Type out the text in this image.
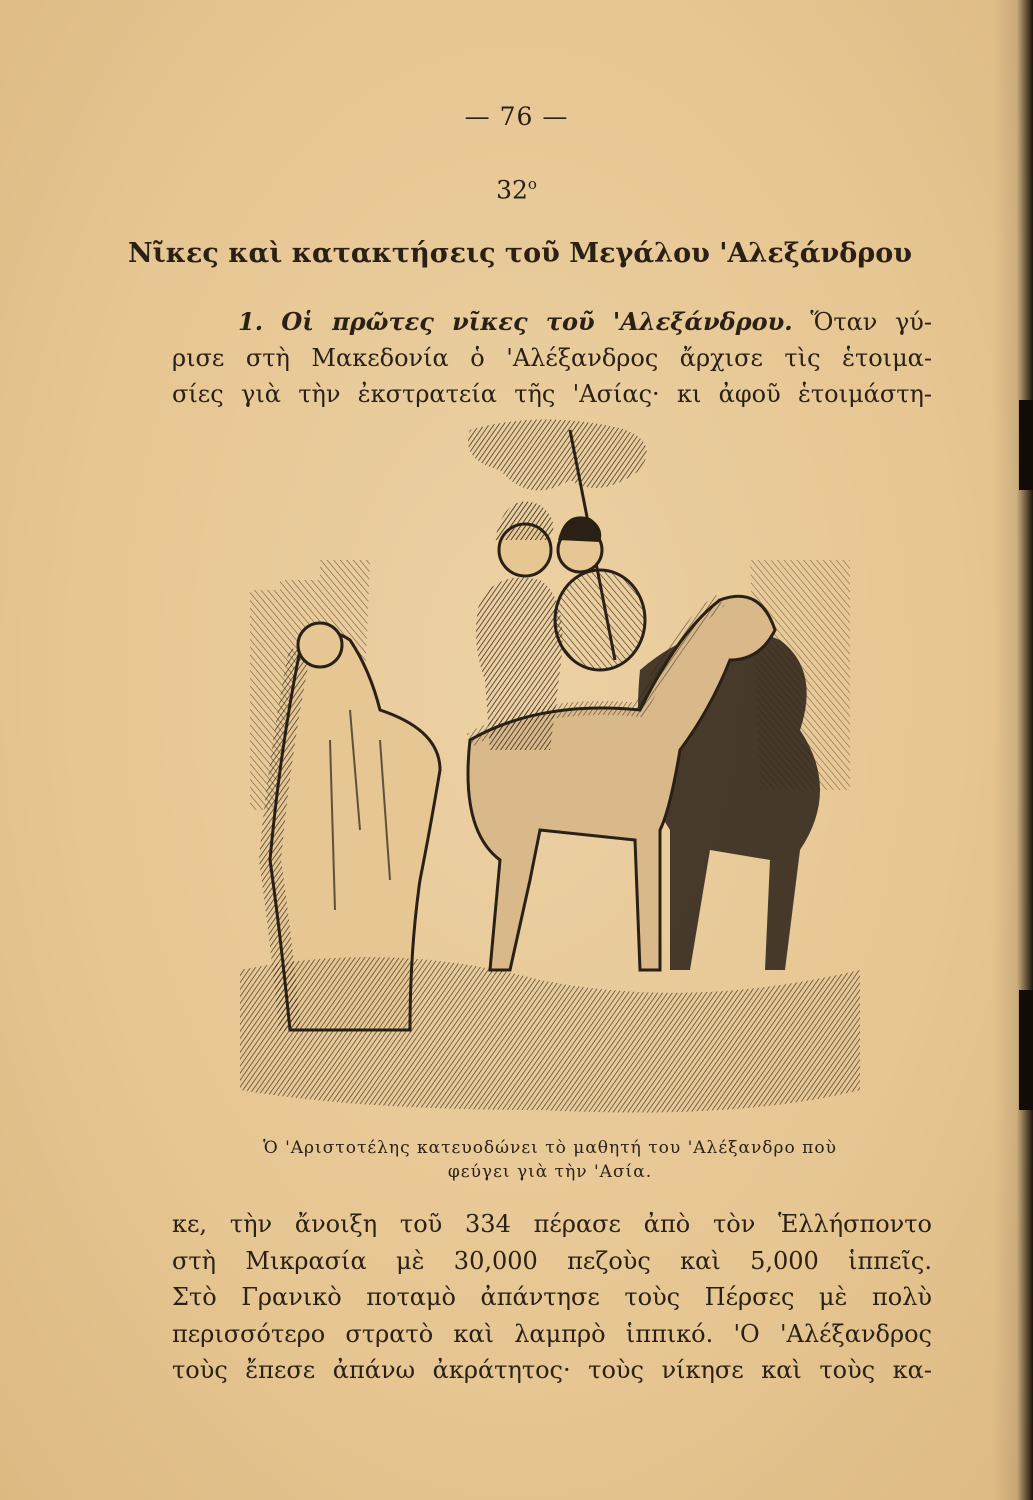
— 76 —
$32^o$
Νῖκες καὶ κατακτήσεις τοῦ Μεγάλου 'Αλεξάνδρου
1. Οἱ πρῶτες νῖκες τοῦ 'Αλεξάνδρου. Ὅταν γύ-
ρισε στὴ Μακεδονία ὁ 'Αλέξανδρος ἄρχισε τὶς ἑτοιμα-
σίες γιὰ τὴν ἐκστρατεία τῆς 'Ασίας· κι ἀφοῦ ἑτοιμάστη-
Ὁ 'Αριστοτέλης κατευοδώνει τὸ μαθητή του 'Αλέξανδρο ποὺ
φεύγει γιὰ τὴν 'Ασία.
κε, τὴν ἄνοιξη τοῦ 334 πέρασε ἀπὸ τὸν Ἑλλήσποντο
στὴ Μικρασία μὲ 30,000 πεζοὺς καὶ 5,000 ἱππεῖς.
Στὸ Γρανικὸ ποταμὸ ἀπάντησε τοὺς Πέρσες μὲ πολὺ
περισσότερο στρατὸ καὶ λαμπρὸ ἱππικό. 'Ο 'Αλέξανδρος
τοὺς ἔπεσε ἀπάνω ἀκράτητος· τοὺς νίκησε καὶ τοὺς κα-
